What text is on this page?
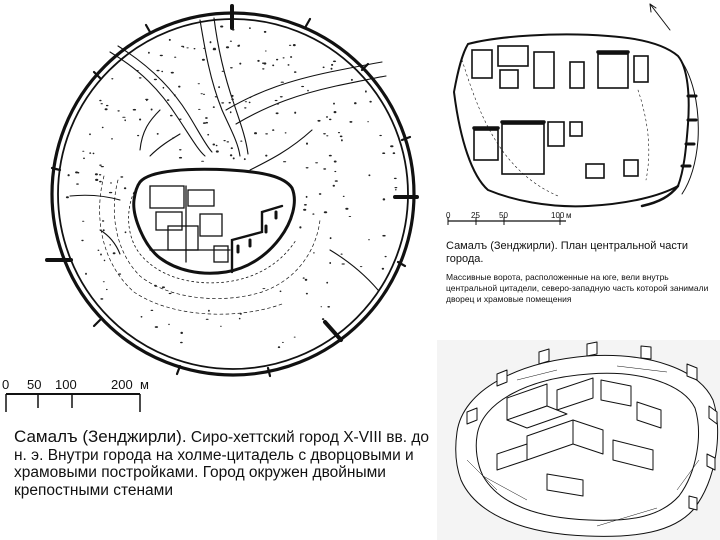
0 50 100	200 м
Самалъ (Зенджирли). Сиро-хеттский город X-VIII вв. до н. э. Внутри города на холме-цитадель с дворцовыми и храмовыми постройками. Город окружен двойными крепостными стенами
0	25 50	100 м
Самалъ (Зенджирли). План центральной части города.
Массивные ворота, расположенные на юге, вели внутрь центральной цитадели, северо-западную часть которой занимали дворец и храмовые помещения
